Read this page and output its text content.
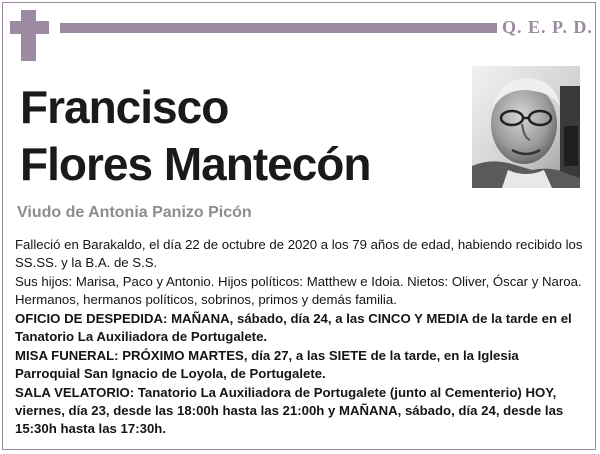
Q. E. P. D.
Francisco
Flores Mantecón
Viudo de Antonia Panizo Picón

Falleció en Barakaldo, el día 22 de octubre de 2020 a los 79 años de edad, habiendo recibido los SS.SS. y la B.A. de S.S.

Sus hijos: Marisa, Paco y Antonio. Hijos políticos: Matthew e Idoia. Nietos: Oliver, Óscar y Naroa. Hermanos, hermanos políticos, sobrinos, primos y demás familia.

OFICIO DE DESPEDIDA: MAÑANA, sábado, día 24, a las CINCO Y MEDIA de la tarde en el Tanatorio La Auxiliadora de Portugalete.

MISA FUNERAL: PRÓXIMO MARTES, día 27, a las SIETE de la tarde, en la Iglesia Parroquial San Ignacio de Loyola, de Portugalete.

SALA VELATORIO: Tanatorio La Auxiliadora de Portugalete (junto al Cementerio) HOY, viernes, día 23, desde las 18:00h hasta las 21:00h y MAÑANA, sábado, día 24, desde las 15:30h hasta las 17:30h.
